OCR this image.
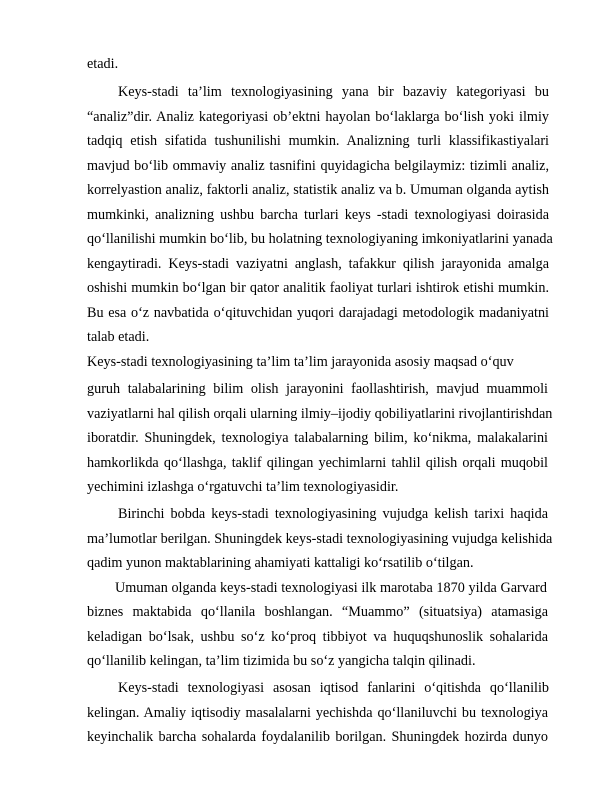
etadi.
Keys-stadi ta’lim texnologiyasining yana bir bazaviy kategoriyasi bu
“analiz”dir. Analiz kategoriyasi ob’ektni hayolan bo‘laklarga bo‘lish yoki ilmiy
tadqiq etish sifatida tushunilishi mumkin. Analizning turli klassifikastiyalari
mavjud bo‘lib ommaviy analiz tasnifini quyidagicha belgilaymiz: tizimli analiz,
korrelyastion analiz, faktorli analiz, statistik analiz va b. Umuman olganda aytish
mumkinki, analizning ushbu barcha turlari keys -stadi texnologiyasi doirasida
qo‘llanilishi mumkin bo‘lib, bu holatning texnologiyaning imkoniyatlarini yanada
kengaytiradi. Keys-stadi vaziyatni anglash, tafakkur qilish jarayonida amalga
oshishi mumkin bo‘lgan bir qator analitik faoliyat turlari ishtirok etishi mumkin.
Bu esa o‘z navbatida o‘qituvchidan yuqori darajadagi metodologik madaniyatni
talab etadi.
Keys-stadi texnologiyasining ta’lim ta’lim jarayonida asosiy maqsad o‘quv
guruh talabalarining bilim olish jarayonini faollashtirish, mavjud muammoli
vaziyatlarni hal qilish orqali ularning ilmiy–ijodiy qobiliyatlarini rivojlantirishdan
iboratdir. Shuningdek, texnologiya talabalarning bilim, ko‘nikma, malakalarini
hamkorlikda qo‘llashga, taklif qilingan yechimlarni tahlil qilish orqali muqobil
yechimini izlashga o‘rgatuvchi ta’lim texnologiyasidir.
Birinchi bobda keys-stadi texnologiyasining vujudga kelish tarixi haqida
ma’lumotlar berilgan. Shuningdek keys-stadi texnologiyasining vujudga kelishida
qadim yunon maktablarining ahamiyati kattaligi ko‘rsatilib o‘tilgan.
Umuman olganda keys-stadi texnologiyasi ilk marotaba 1870 yilda Garvard
biznes maktabida qo‘llanila boshlangan. “Muammo” (situatsiya) atamasiga
keladigan bo‘lsak, ushbu so‘z ko‘proq tibbiyot va huquqshunoslik sohalarida
qo‘llanilib kelingan, ta’lim tizimida bu so‘z yangicha talqin qilinadi.
Keys-stadi texnologiyasi asosan iqtisod fanlarini o‘qitishda qo‘llanilib
kelingan. Amaliy iqtisodiy masalalarni yechishda qo‘llaniluvchi bu texnologiya
keyinchalik barcha sohalarda foydalanilib borilgan. Shuningdek hozirda dunyo
